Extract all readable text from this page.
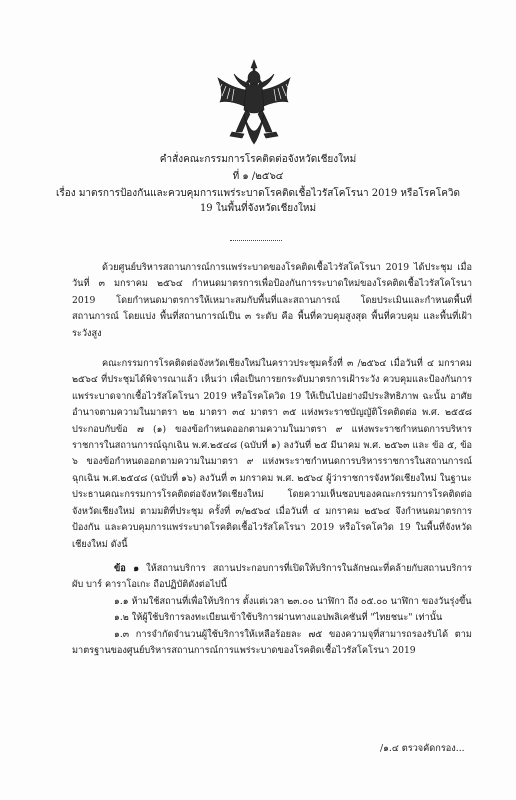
คำสั่งคณะกรรมการโรคติดต่อจังหวัดเชียงใหม่
ที่ ๑ /๒๕๖๔
เรื่อง มาตรการป้องกันและควบคุมการแพร่ระบาดโรคติดเชื้อไวรัสโคโรนา 2019 หรือโรคโควิด 19 ในพื้นที่จังหวัดเชียงใหม่

ด้วยศูนย์บริหารสถานการณ์การแพร่ระบาดของโรคติดเชื้อไวรัสโคโรนา 2019 ได้ประชุม เมื่อวันที่ ๓ มกราคม ๒๕๖๔ กำหนดมาตรการเพื่อป้องกันการระบาดใหม่ของโรคติดเชื้อไวรัสโคโรนา 2019 โดยกำหนดมาตรการให้เหมาะสมกับพื้นที่และสถานการณ์ โดยประเมินและกำหนดพื้นที่สถานการณ์ โดยแบ่ง พื้นที่สถานการณ์เป็น ๓ ระดับ คือ พื้นที่ควบคุมสูงสุด พื้นที่ควบคุม และพื้นที่เฝ้าระวังสูง

คณะกรรมการโรคติดต่อจังหวัดเชียงใหม่ในคราวประชุมครั้งที่ ๓ /๒๕๖๔ เมื่อวันที่ ๔ มกราคม ๒๕๖๔ ที่ประชุมได้พิจารณาแล้ว เห็นว่า เพื่อเป็นการยกระดับมาตรการเฝ้าระวัง ควบคุมและป้องกันการแพร่ระบาดจากเชื้อไวรัสโคโรนา 2019 หรือโรคโควิด 19 ให้เป็นไปอย่างมีประสิทธิภาพ ฉะนั้น อาศัยอำนาจตามความในมาตรา ๒๒ มาตรา ๓๔ มาตรา ๓๕ แห่งพระราชบัญญัติโรคติดต่อ พ.ศ. ๒๕๕๘ ประกอบกับข้อ ๗ (๑) ของข้อกำหนดออกตามความในมาตรา ๙ แห่งพระราชกำหนดการบริหาร ราชการในสถานการณ์ฉุกเฉิน พ.ศ.๒๕๔๘ (ฉบับที่ ๑) ลงวันที่ ๒๕ มีนาคม พ.ศ. ๒๕๖๓ และ ข้อ ๕, ข้อ ๖ ของข้อกำหนดออกตามความในมาตรา ๙ แห่งพระราชกำหนดการบริหารราชการในสถานการณ์ฉุกเฉิน พ.ศ.๒๕๔๘ (ฉบับที่ ๑๖) ลงวันที่ ๓ มกราคม พ.ศ. ๒๕๖๔ ผู้ว่าราชการจังหวัดเชียงใหม่ ในฐานะประธานคณะกรรมการโรคติดต่อจังหวัดเชียงใหม่ โดยความเห็นชอบของคณะกรรมการโรคติดต่อ จังหวัดเชียงใหม่ ตามมติที่ประชุม ครั้งที่ ๓/๒๕๖๔ เมื่อวันที่ ๔ มกราคม ๒๕๖๔ จึงกำหนดมาตรการป้องกัน และควบคุมการแพร่ระบาดโรคติดเชื้อไวรัสโคโรนา 2019 หรือโรคโควิด 19 ในพื้นที่จังหวัดเชียงใหม่ ดังนี้

ข้อ ๑ ให้สถานบริการ สถานประกอบการที่เปิดให้บริการในลักษณะที่คล้ายกับสถานบริการ ผับ บาร์ คาราโอเกะ ถือปฏิบัติดังต่อไปนี้
๑.๑ ห้ามใช้สถานที่เพื่อให้บริการ ตั้งแต่เวลา ๒๓.๐๐ นาฬิกา ถึง ๐๕.๐๐ นาฬิกา ของวันรุ่งขึ้น
๑.๒ ให้ผู้ใช้บริการลงทะเบียนเข้าใช้บริการผ่านทางแอปพลิเคชันที่ "ไทยชนะ" เท่านั้น
๑.๓ การจำกัดจำนวนผู้ใช้บริการให้เหลือร้อยละ ๗๕ ของความจุที่สามารถรองรับได้ ตามมาตรฐานของศูนย์บริหารสถานการณ์การแพร่ระบาดของโรคติดเชื้อไวรัสโคโรนา 2019
/๑.๔ ตรวจคัดกรอง...
